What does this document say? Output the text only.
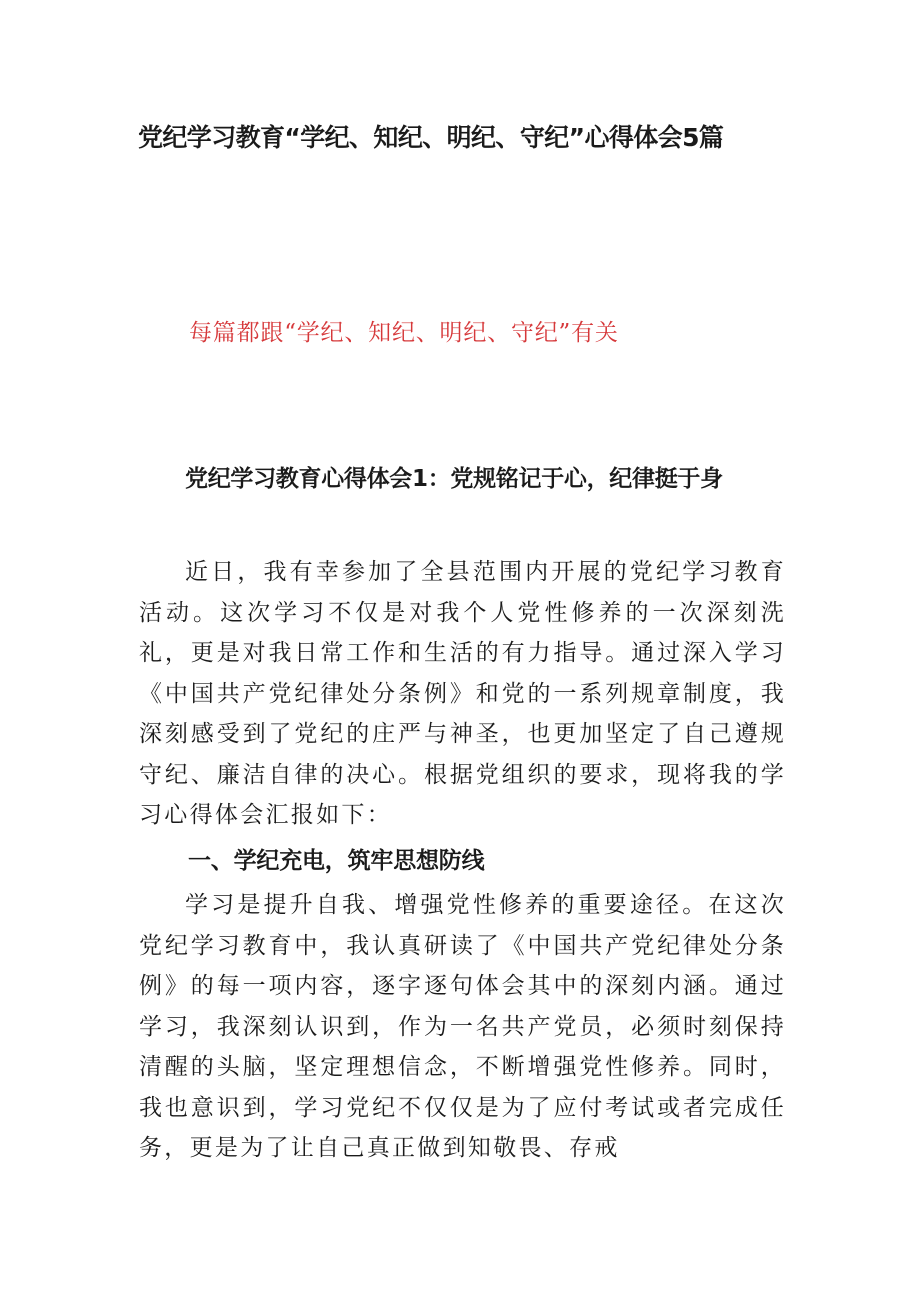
党纪学习教育“学纪、知纪、明纪、守纪”心得体会5篇
每篇都跟“学纪、知纪、明纪、守纪”有关
党纪学习教育心得体会1：党规铭记于心，纪律挺于身

近日，我有幸参加了全县范围内开展的党纪学习教育活动。这次学习不仅是对我个人党性修养的一次深刻洗礼，更是对我日常工作和生活的有力指导。通过深入学习《中国共产党纪律处分条例》和党的一系列规章制度，我深刻感受到了党纪的庄严与神圣，也更加坚定了自己遵规守纪、廉洁自律的决心。根据党组织的要求，现将我的学习心得体会汇报如下：

一、学纪充电，筑牢思想防线

学习是提升自我、增强党性修养的重要途径。在这次党纪学习教育中，我认真研读了《中国共产党纪律处分条例》的每一项内容，逐字逐句体会其中的深刻内涵。通过学习，我深刻认识到，作为一名共产党员，必须时刻保持清醒的头脑，坚定理想信念，不断增强党性修养。同时，我也意识到，学习党纪不仅仅是为了应付考试或者完成任务，更是为了让自己真正做到知敬畏、存戒
